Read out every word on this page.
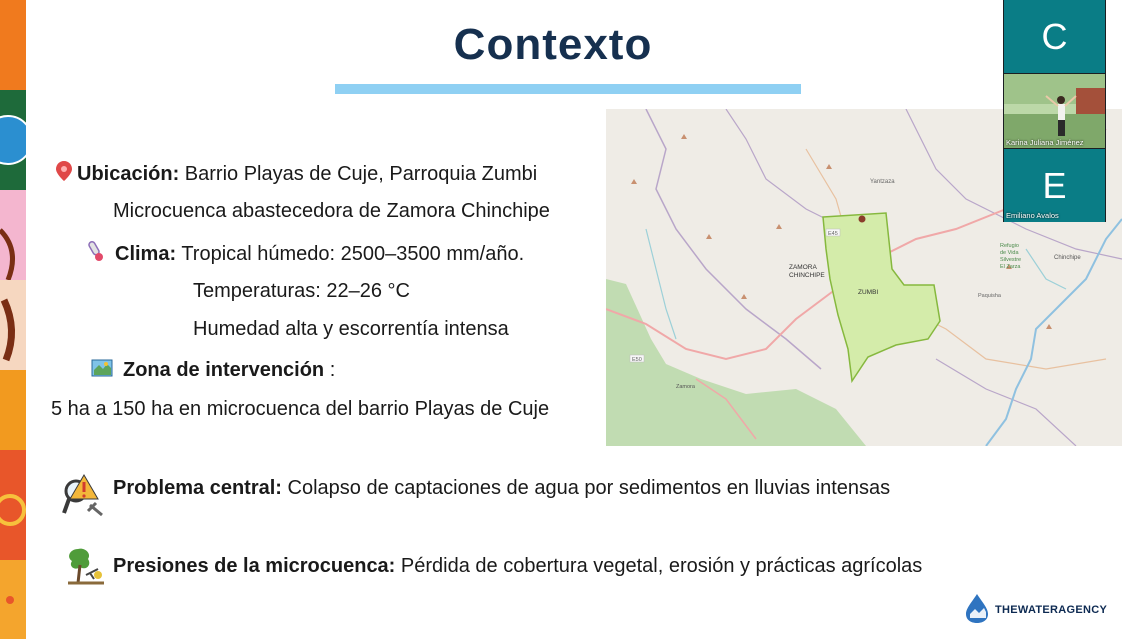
Contexto
Ubicación: Barrio Playas de Cuje, Parroquia Zumbi
Microcuenca abastecedora de Zamora Chinchipe
Clima: Tropical húmedo: 2500–3500 mm/año.
Temperaturas: 22–26 °C
Humedad alta y escorrentía intensa
Zona de intervención :
5 ha a 150 ha en microcuenca del barrio Playas de Cuje
Yantzaza
ZAMORA
CHINCHIPE
ZUMBI
Refugio
de Vida
Silvestre
El Zarza
Chinchipe
Paquisha
Zamora
E45
E50
Problema central: Colapso de captaciones de agua por sedimentos en lluvias intensas
Presiones de la microcuenca: Pérdida de cobertura vegetal, erosión y prácticas agrícolas
THEWATERAGENCY
C
Karina Juliana Jiménez
E
Emiliano Avalos
